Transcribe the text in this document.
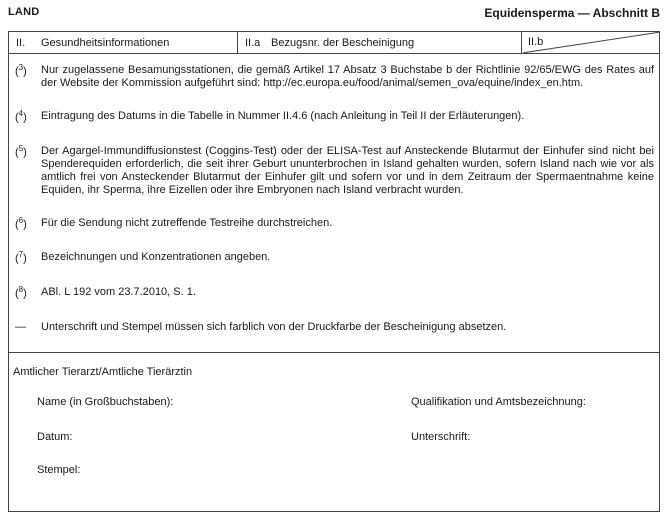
LAND	Equidensperma — Abschnitt B
II.	Gesundheitsinformationen	II.a Bezugsnr. der Bescheinigung	II.b
($^3$)	Nur zugelassene Besamungsstationen, die gemäß Artikel 17 Absatz 3 Buchstabe b der Richtlinie 92/65/EWG des Rates auf der Website der Kommission aufgeführt sind: http://ec.europa.eu/food/animal/semen_ova/equine/index_en.htm.
($^4$)	Eintragung des Datums in die Tabelle in Nummer II.4.6 (nach Anleitung in Teil II der Erläuterungen).
($^5$)	Der Agargel-Immundiffusionstest (Coggins-Test) oder der ELISA-Test auf Ansteckende Blutarmut der Einhufer sind nicht bei Spenderequiden erforderlich, die seit ihrer Geburt ununterbrochen in Island gehalten wurden, sofern Island nach wie vor als amtlich frei von Ansteckender Blutarmut der Einhufer gilt und sofern vor und in dem Zeitraum der Spermaentnahme keine Equiden, ihr Sperma, ihre Eizellen oder ihre Embryonen nach Island verbracht wurden.
($^6$)	Für die Sendung nicht zutreffende Testreihe durchstreichen.
($^7$)	Bezeichnungen und Konzentrationen angeben.
($^8$)	ABl. L 192 vom 23.7.2010, S. 1.
—	Unterschrift und Stempel müssen sich farblich von der Druckfarbe der Bescheinigung absetzen.
Amtlicher Tierarzt/Amtliche Tierärztin
Name (in Großbuchstaben):	Qualifikation und Amtsbezeichnung:
Datum:	Unterschrift:
Stempel:
